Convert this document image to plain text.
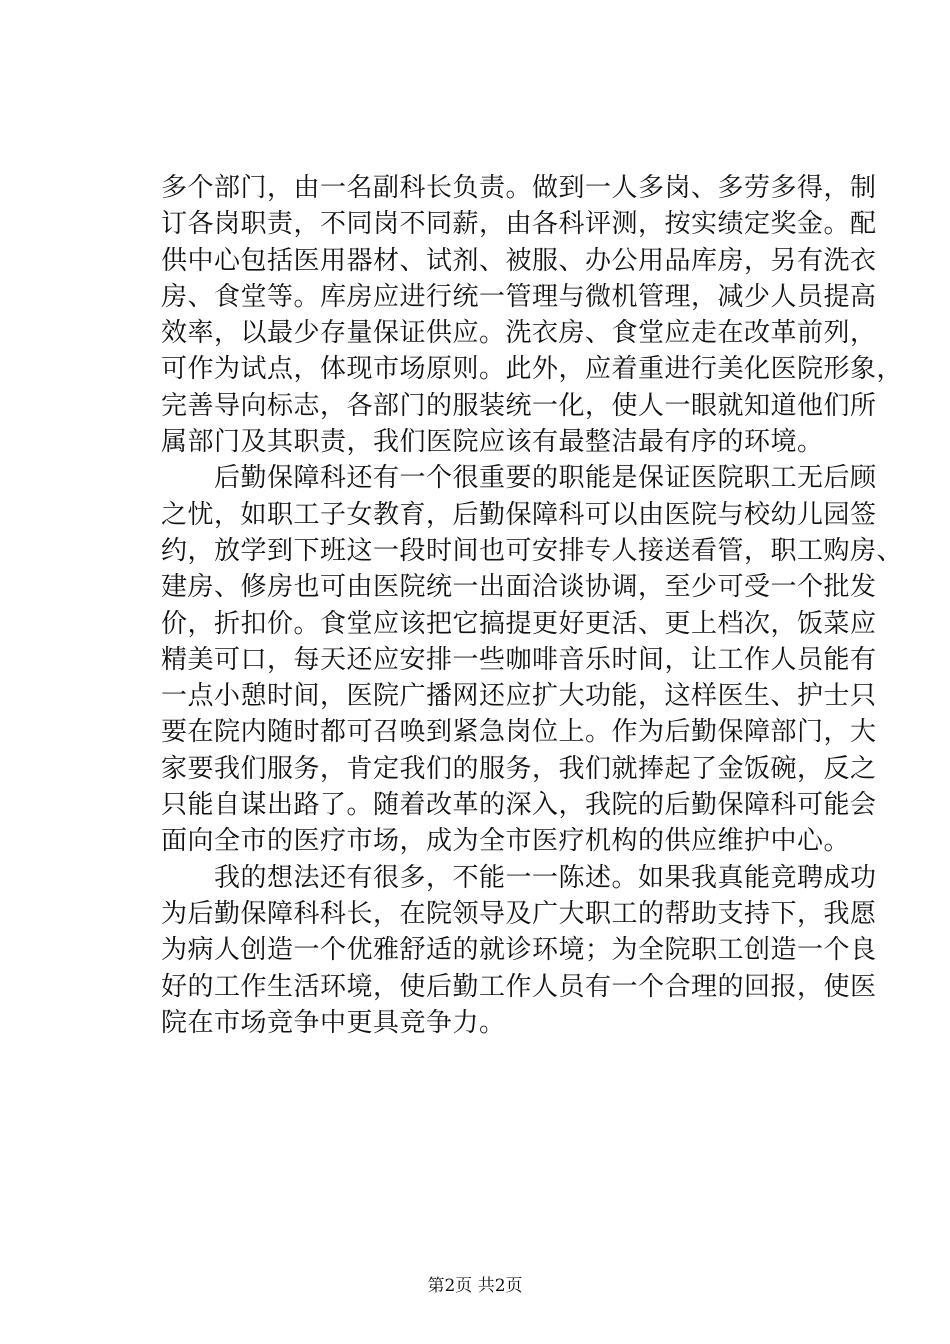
多个部门，由一名副科长负责。做到一人多岗、多劳多得，制
订各岗职责，不同岗不同薪，由各科评测，按实绩定奖金。配
供中心包括医用器材、试剂、被服、办公用品库房，另有洗衣
房、食堂等。库房应进行统一管理与微机管理，减少人员提高
效率，以最少存量保证供应。洗衣房、食堂应走在改革前列，
可作为试点，体现市场原则。此外，应着重进行美化医院形象，
完善导向标志，各部门的服装统一化，使人一眼就知道他们所
属部门及其职责，我们医院应该有最整洁最有序的环境。
　　后勤保障科还有一个很重要的职能是保证医院职工无后顾
之忧，如职工子女教育，后勤保障科可以由医院与校幼儿园签
约，放学到下班这一段时间也可安排专人接送看管，职工购房、
建房、修房也可由医院统一出面洽谈协调，至少可受一个批发
价，折扣价。食堂应该把它搞提更好更活、更上档次，饭菜应
精美可口，每天还应安排一些咖啡音乐时间，让工作人员能有
一点小憩时间，医院广播网还应扩大功能，这样医生、护士只
要在院内随时都可召唤到紧急岗位上。作为后勤保障部门，大
家要我们服务，肯定我们的服务，我们就捧起了金饭碗，反之
只能自谋出路了。随着改革的深入，我院的后勤保障科可能会
面向全市的医疗市场，成为全市医疗机构的供应维护中心。
　　我的想法还有很多，不能一一陈述。如果我真能竞聘成功
为后勤保障科科长，在院领导及广大职工的帮助支持下，我愿
为病人创造一个优雅舒适的就诊环境；为全院职工创造一个良
好的工作生活环境，使后勤工作人员有一个合理的回报，使医
院在市场竞争中更具竞争力。
第2页 共2页
